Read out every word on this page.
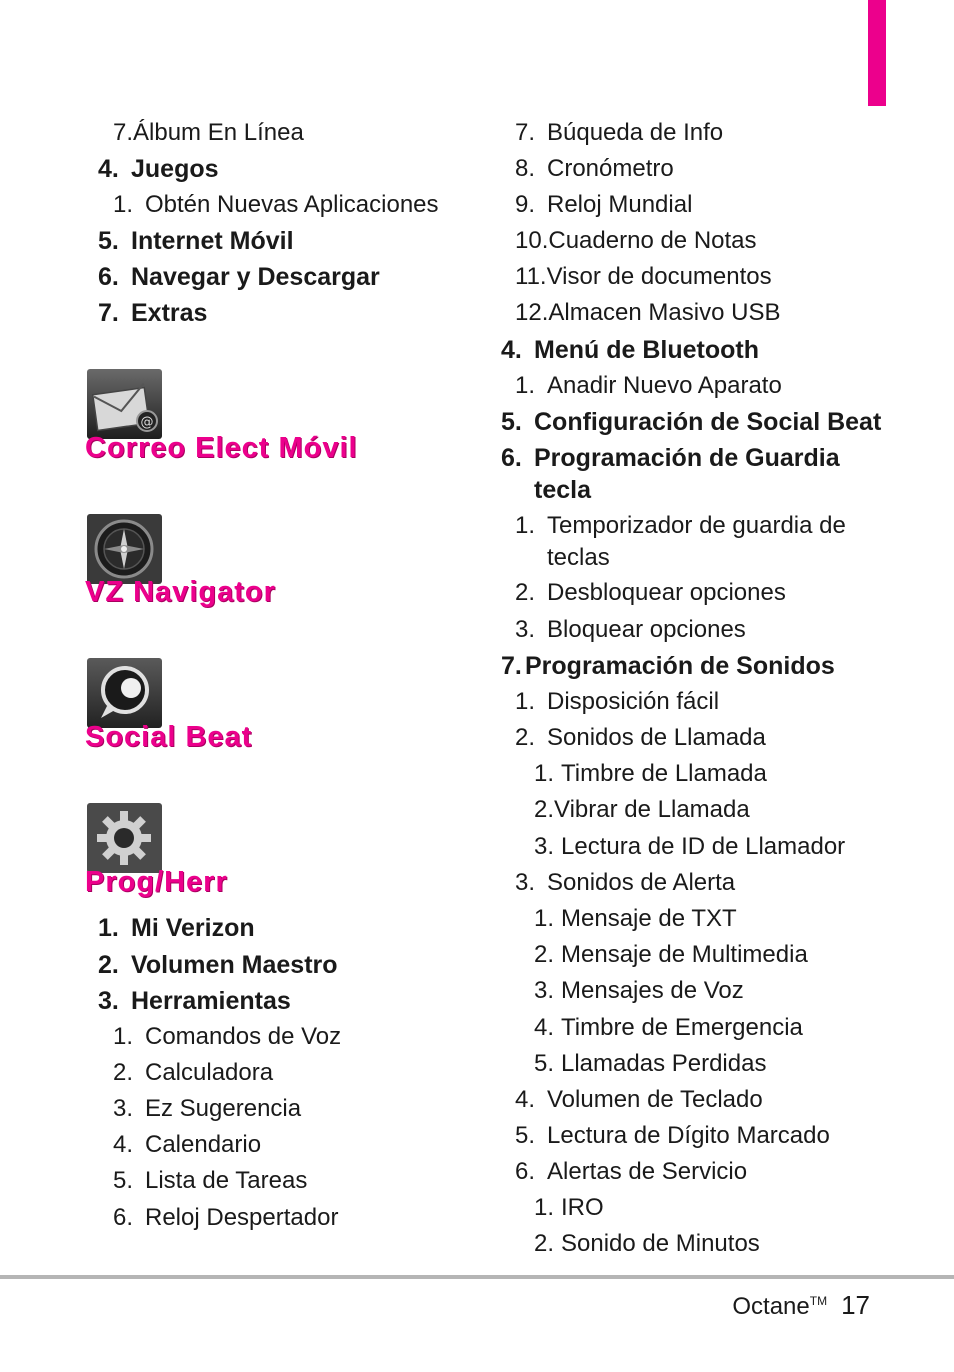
7.Álbum En Línea
4. Juegos
1. Obtén Nuevas Aplicaciones
5. Internet Móvil
6. Navegar y Descargar
7. Extras
@
Correo Elect Móvil
VZ Navigator
Social Beat
Prog/Herr
1. Mi Verizon
2. Volumen Maestro
3. Herramientas
1. Comandos de Voz
2. Calculadora
3. Ez Sugerencia
4. Calendario
5. Lista de Tareas
6. Reloj Despertador
7. Búqueda de Info
8. Cronómetro
9. Reloj Mundial
10.Cuaderno de Notas
11.Visor de documentos
12.Almacen Masivo USB
4. Menú de Bluetooth
1. Anadir Nuevo Aparato
5. Configuración de Social Beat
6. Programación de Guardia
tecla
1. Temporizador de guardia de
teclas
2. Desbloquear opciones
3. Bloquear opciones
7. Programación de Sonidos
1. Disposición fácil
2. Sonidos de Llamada
1. Timbre de Llamada
2.Vibrar de Llamada
3. Lectura de ID de Llamador
3. Sonidos de Alerta
1. Mensaje de TXT
2. Mensaje de Multimedia
3. Mensajes de Voz
4. Timbre de Emergencia
5. Llamadas Perdidas
4. Volumen de Teclado
5. Lectura de Dígito Marcado
6. Alertas de Servicio
1. IRO
2. Sonido de Minutos
Octane™ 17
